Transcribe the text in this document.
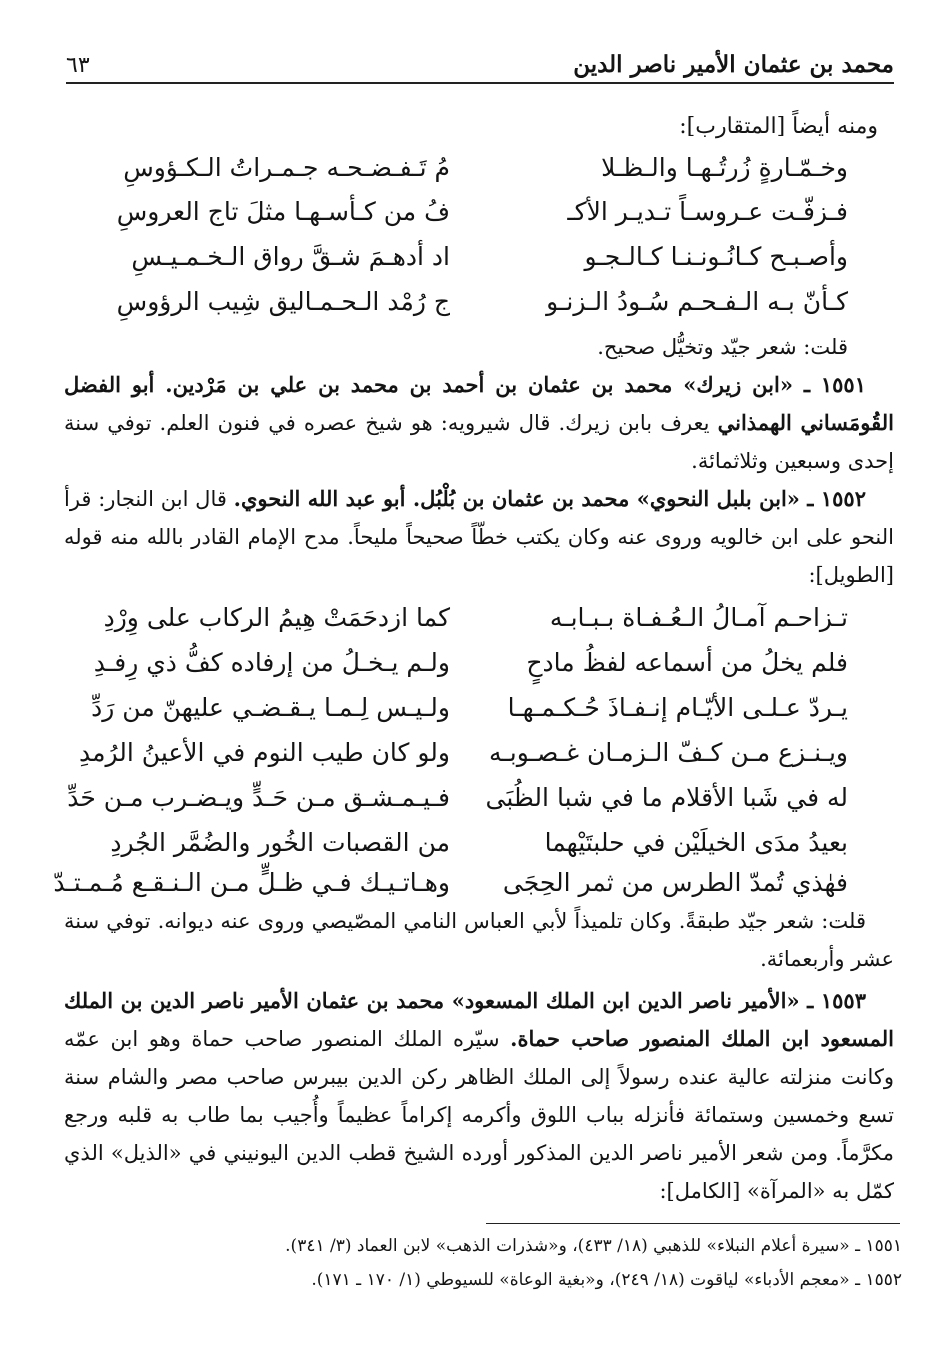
محمد بن عثمان الأمير ناصر الدين
٦٣

ومنه أيضاً [المتقارب]:

وخـمّـارةٍ زُرتُـهـا والـظـلا
مُ تَـفـضـحـه جـمـراتُ الـكـؤوسِ
فـزفّـت عـروسـاً تـديـر الأكـ
فُ من كـأسـهـا مثلَ تاج العروسِ
وأصـبـح كـانُـونـنـا كـالـجـو
اد أدهـمَ شـقَّ رواق الـخـمـيـسِ
كـأنّ بـه الـفـحـم سُـودُ الـزنـو
ج رُمْد الـحـمـاليق شِيب الرؤوسِ

قلت: شعر جيّد وتخيُّل صحيح.

١٥٥١ ـ «ابن زيرك» محمد بن عثمان بن أحمد بن محمد بن علي بن مَرْدين. أبو الفضل القُومَساني الهمذاني يعرف بابن زيرك. قال شيرويه: هو شيخ عصره في فنون العلم. توفي سنة إحدى وسبعين وثلاثمائة.

١٥٥٢ ـ «ابن بلبل النحوي» محمد بن عثمان بن بُلْبُل. أبو عبد الله النحوي. قال ابن النجار: قرأ النحو على ابن خالويه وروى عنه وكان يكتب خطّاً صحيحاً مليحاً. مدح الإمام القادر بالله منه قوله [الطويل]:

تـزاحـم آمـالُ الـعُـفـاة بـبـابـه
كما ازدحَمَتْ هِيمُ الركاب على وِرْدِ
فلم يخلُ من أسماعه لفظُ مادحٍ
ولـم يـخـلُ من إرفاده كفُّ ذي رِفـدِ
يـردّ عـلـى الأيّـام إنـفـاذَ حُـكـمـهـا
ولـيـس لِـمـا يـقـضـي عليهنّ من رَدِّ
ويـنـزع مـن كـفّ الـزمـان غـصـوبـه
ولو كان طيب النوم في الأعينُ الرُمدِ
له في شَبا الأقلام ما في شبا الظُبَى
فـيـمـشـق مـن حَـدٍّ ويـضـرب مـن حَدِّ
بعيدُ مدَى الخيلَيْن في حلبتَيْهما
من القصبات الخُور والضُمَّر الجُردِ
فهٰذي تُمدّ الطرس من ثمر الحِجَى
وهـاتـيـك فـي ظـلٍّ مـن الـنـقـع مُـمـتـدّ

قلت: شعر جيّد طبقةً. وكان تلميذاً لأبي العباس النامي المصّيصي وروى عنه ديوانه. توفي سنة عشر وأربعمائة.

١٥٥٣ ـ «الأمير ناصر الدين ابن الملك المسعود» محمد بن عثمان الأمير ناصر الدين بن الملك المسعود ابن الملك المنصور صاحب حماة. سيّره الملك المنصور صاحب حماة وهو ابن عمّه وكانت منزلته عالية عنده رسولاً إلى الملك الظاهر ركن الدين بيبرس صاحب مصر والشام سنة تسع وخمسين وستمائة فأنزله بباب اللوق وأكرمه إكراماً عظيماً وأُجيب بما طاب به قلبه ورجع مكرَّماً. ومن شعر الأمير ناصر الدين المذكور أورده الشيخ قطب الدين اليونيني في «الذيل» الذي كمّل به «المرآة» [الكامل]:

١٥٥١ ـ «سيرة أعلام النبلاء» للذهبي (١٨/ ٤٣٣)، و«شذرات الذهب» لابن العماد (٣/ ٣٤١).
١٥٥٢ ـ «معجم الأدباء» لياقوت (١٨/ ٢٤٩)، و«بغية الوعاة» للسيوطي (١/ ١٧٠ ـ ١٧١).
